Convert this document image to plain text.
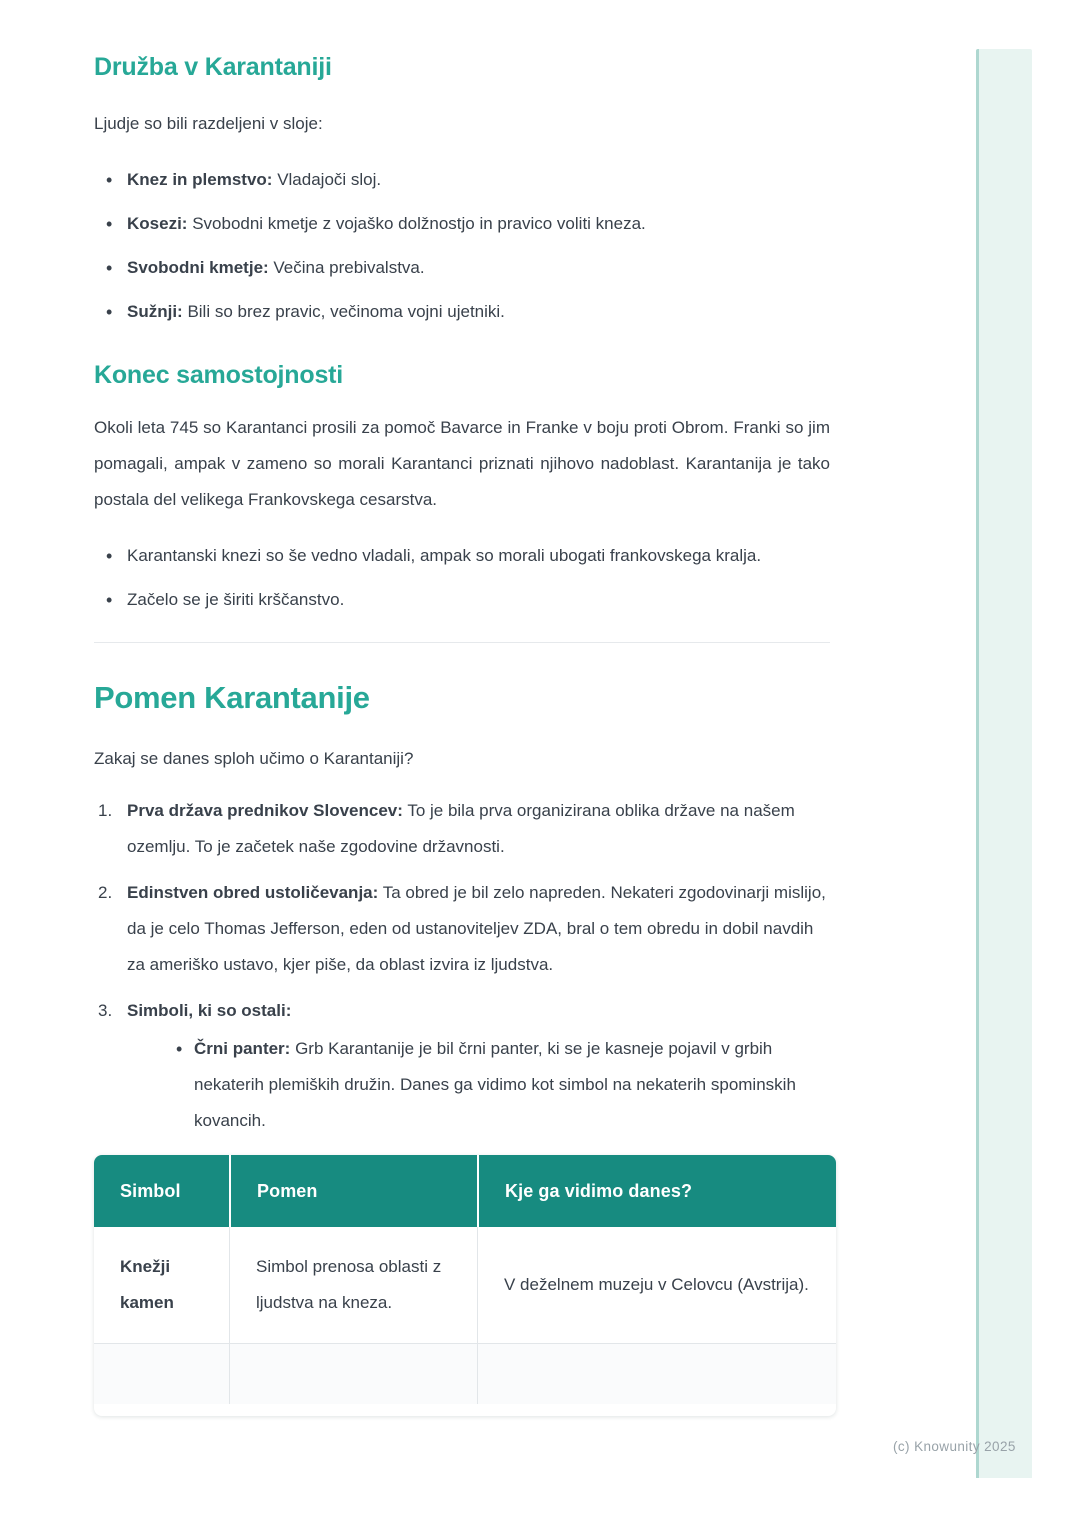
(c) Knowunity 2025
Družba v Karantaniji

Ljudje so bili razdeljeni v sloje:

• Knez in plemstvo: Vladajoči sloj.
• Kosezi: Svobodni kmetje z vojaško dolžnostjo in pravico voliti kneza.
• Svobodni kmetje: Večina prebivalstva.
• Sužnji: Bili so brez pravic, večinoma vojni ujetniki.
Konec samostojnosti

Okoli leta 745 so Karantanci prosili za pomoč Bavarce in Franke v boju proti Obrom. Franki so jim pomagali, ampak v zameno so morali Karantanci priznati njihovo nadoblast. Karantanija je tako postala del velikega Frankovskega cesarstva.

• Karantanski knezi so še vedno vladali, ampak so morali ubogati frankovskega kralja.
• Začelo se je širiti krščanstvo.
Pomen Karantanije

Zakaj se danes sploh učimo o Karantaniji?

1. Prva država prednikov Slovencev: To je bila prva organizirana oblika države na našem ozemlju. To je začetek naše zgodovine državnosti.
2. Edinstven obred ustoličevanja: Ta obred je bil zelo napreden. Nekateri zgodovinarji mislijo, da je celo Thomas Jefferson, eden od ustanoviteljev ZDA, bral o tem obredu in dobil navdih za ameriško ustavo, kjer piše, da oblast izvira iz ljudstva.
3. Simboli, ki so ostali:
• Črni panter: Grb Karantanije je bil črni panter, ki se je kasneje pojavil v grbih nekaterih plemiških družin. Danes ga vidimo kot simbol na nekaterih spominskih kovancih.
Simbol	Pomen	Kje ga vidimo danes?
Knežji kamen	Simbol prenosa oblasti z ljudstva na kneza.	V deželnem muzeju v Celovcu (Avstrija).
